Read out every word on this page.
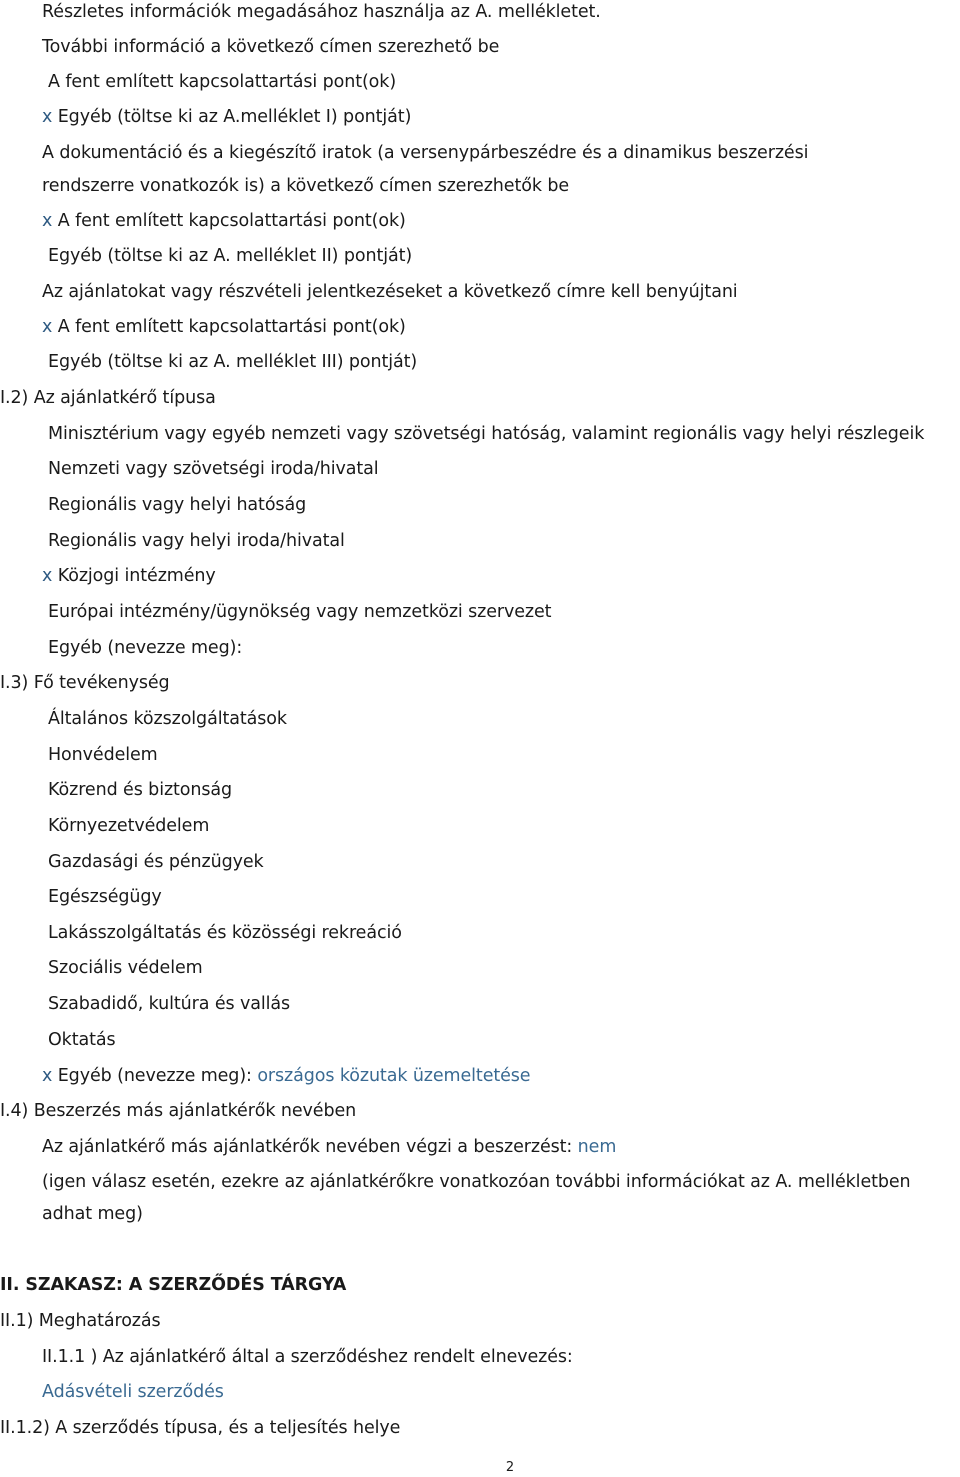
Részletes információk megadásához használja az A. mellékletet.
További információ a következő címen szerezhető be
A fent említett kapcsolattartási pont(ok)
x Egyéb (töltse ki az A.melléklet I) pontját)
A dokumentáció és a kiegészítő iratok (a versenypárbeszédre és a dinamikus beszerzési
rendszerre vonatkozók is) a következő címen szerezhetők be
x A fent említett kapcsolattartási pont(ok)
Egyéb (töltse ki az A. melléklet II) pontját)
Az ajánlatokat vagy részvételi jelentkezéseket a következő címre kell benyújtani
x A fent említett kapcsolattartási pont(ok)
Egyéb (töltse ki az A. melléklet III) pontját)
I.2) Az ajánlatkérő típusa
Minisztérium vagy egyéb nemzeti vagy szövetségi hatóság, valamint regionális vagy helyi részlegeik
Nemzeti vagy szövetségi iroda/hivatal
Regionális vagy helyi hatóság
Regionális vagy helyi iroda/hivatal
x Közjogi intézmény
Európai intézmény/ügynökség vagy nemzetközi szervezet
Egyéb (nevezze meg):
I.3) Fő tevékenység
Általános közszolgáltatások
Honvédelem
Közrend és biztonság
Környezetvédelem
Gazdasági és pénzügyek
Egészségügy
Lakásszolgáltatás és közösségi rekreáció
Szociális védelem
Szabadidő, kultúra és vallás
Oktatás
x Egyéb (nevezze meg): országos közutak üzemeltetése
I.4) Beszerzés más ajánlatkérők nevében
Az ajánlatkérő más ajánlatkérők nevében végzi a beszerzést: nem
(igen válasz esetén, ezekre az ajánlatkérőkre vonatkozóan további információkat az A. mellékletben
adhat meg)
II. SZAKASZ: A SZERZŐDÉS TÁRGYA
II.1) Meghatározás
II.1.1 ) Az ajánlatkérő által a szerződéshez rendelt elnevezés:
Adásvételi szerződés
II.1.2) A szerződés típusa, és a teljesítés helye
2
